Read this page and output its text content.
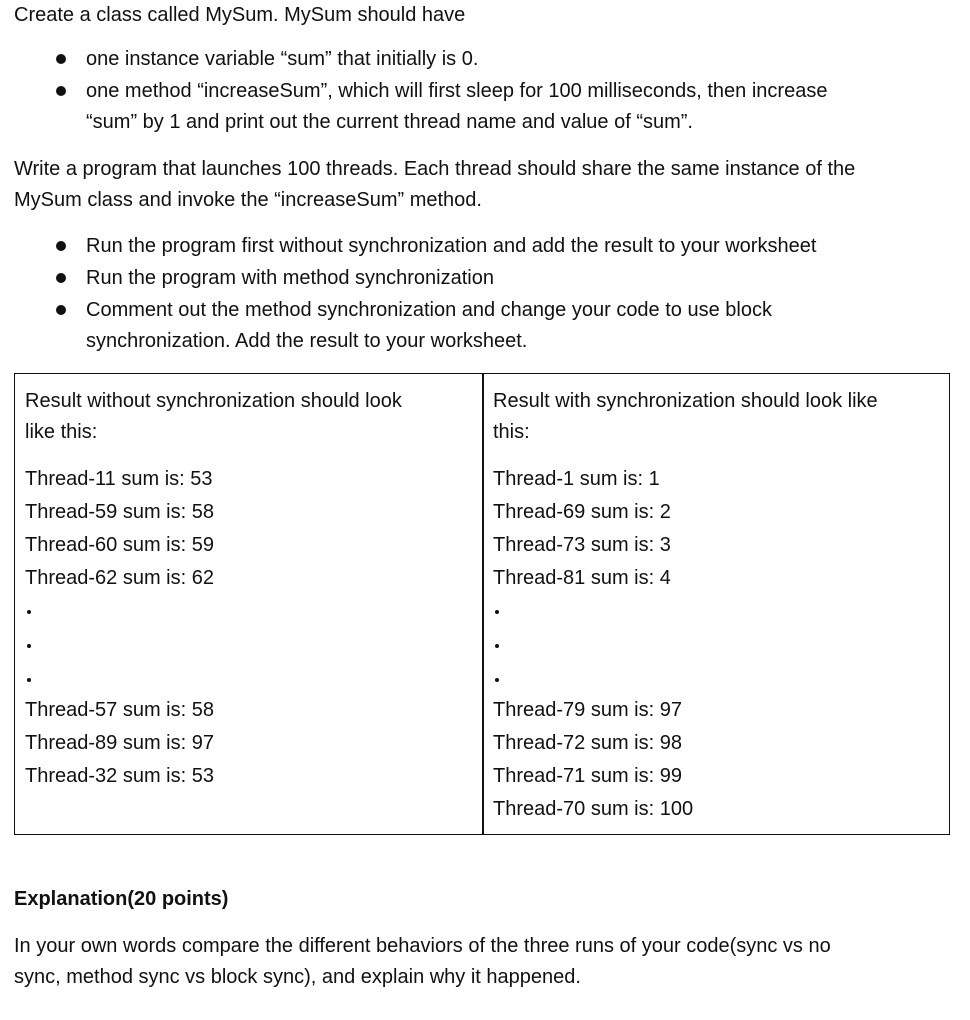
Create a class called MySum. MySum should have
one instance variable “sum” that initially is 0.
one method “increaseSum”, which will first sleep for 100 milliseconds, then increase
“sum” by 1 and print out the current thread name and value of “sum”.
Write a program that launches 100 threads. Each thread should share the same instance of the
MySum class and invoke the “increaseSum” method.
Run the program first without synchronization and add the result to your worksheet
Run the program with method synchronization
Comment out the method synchronization and change your code to use block
synchronization. Add the result to your worksheet.
Result without synchronization should look
like this:
Thread-11 sum is: 53
Thread-59 sum is: 58
Thread-60 sum is: 59
Thread-62 sum is: 62
Thread-57 sum is: 58
Thread-89 sum is: 97
Thread-32 sum is: 53
Result with synchronization should look like
this:
Thread-1 sum is: 1
Thread-69 sum is: 2
Thread-73 sum is: 3
Thread-81 sum is: 4
Thread-79 sum is: 97
Thread-72 sum is: 98
Thread-71 sum is: 99
Thread-70 sum is: 100
Explanation(20 points)
In your own words compare the different behaviors of the three runs of your code(sync vs no
sync, method sync vs block sync), and explain why it happened.
